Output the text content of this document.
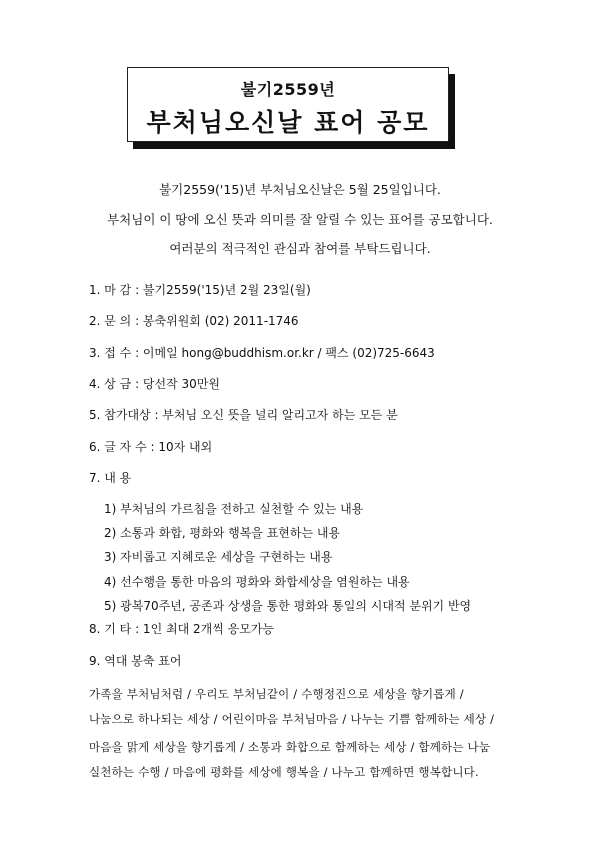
불기2559년
부처님오신날 표어 공모
불기2559('15)년 부처님오신날은 5월 25일입니다.
부처님이 이 땅에 오신 뜻과 의미를 잘 알릴 수 있는 표어를 공모합니다.
여러분의 적극적인 관심과 참여를 부탁드립니다.
1. 마 감 : 불기2559('15)년 2월 23일(월)
2. 문 의 : 봉축위원회 (02) 2011-1746
3. 접 수 : 이메일 hong@buddhism.or.kr / 팩스 (02)725-6643
4. 상 금 : 당선작 30만원
5. 참가대상 : 부처님 오신 뜻을 널리 알리고자 하는 모든 분
6. 글 자 수 : 10자 내외
7. 내 용
1) 부처님의 가르침을 전하고 실천할 수 있는 내용
2) 소통과 화합, 평화와 행복을 표현하는 내용
3) 자비롭고 지혜로운 세상을 구현하는 내용
4) 선수행을 통한 마음의 평화와 화합세상을 염원하는 내용
5) 광복70주년, 공존과 상생을 통한 평화와 통일의 시대적 분위기 반영
8. 기 타 : 1인 최대 2개씩 응모가능
9. 역대 봉축 표어
가족을 부처님처럼 / 우리도 부처님같이 / 수행정진으로 세상을 향기롭게 /
나눔으로 하나되는 세상 / 어린이마음 부처님마음 / 나누는 기쁨 함께하는 세상 /
마음을 맑게 세상을 향기롭게 / 소통과 화합으로 함께하는 세상 / 함께하는 나눔
실천하는 수행 / 마음에 평화를 세상에 행복을 / 나누고 함께하면 행복합니다.
